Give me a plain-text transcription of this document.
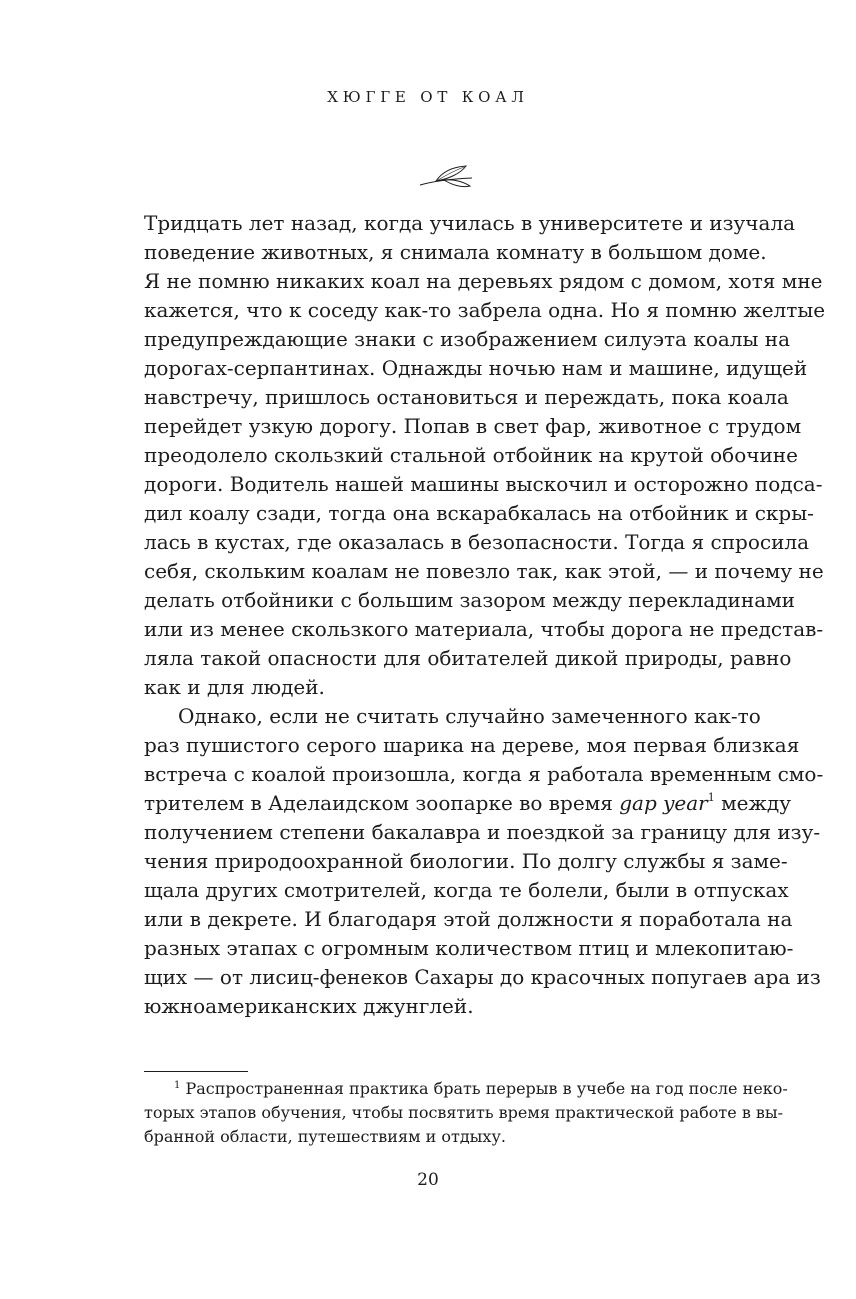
ХЮГГЕ ОТ КОАЛ
Тридцать лет назад, когда училась в университете и изучала
поведение животных, я снимала комнату в большом доме.
Я не помню никаких коал на деревьях рядом с домом, хотя мне
кажется, что к соседу как-то забрела одна. Но я помню желтые
предупреждающие знаки с изображением силуэта коалы на
дорогах-серпантинах. Однажды ночью нам и машине, идущей
навстречу, пришлось остановиться и переждать, пока коала
перейдет узкую дорогу. Попав в свет фар, животное с трудом
преодолело скользкий стальной отбойник на крутой обочине
дороги. Водитель нашей машины выскочил и осторожно подса-
дил коалу сзади, тогда она вскарабкалась на отбойник и скры-
лась в кустах, где оказалась в безопасности. Тогда я спросила
себя, скольким коалам не повезло так, как этой, — и почему не
делать отбойники с большим зазором между перекладинами
или из менее скользкого материала, чтобы дорога не представ-
ляла такой опасности для обитателей дикой природы, равно
как и для людей.
Однако, если не считать случайно замеченного как-то
раз пушистого серого шарика на дереве, моя первая близкая
встреча с коалой произошла, когда я работала временным смо-
трителем в Аделаидском зоопарке во время gap year$^1$ между
получением степени бакалавра и поездкой за границу для изу-
чения природоохранной биологии. По долгу службы я заме-
щала других смотрителей, когда те болели, были в отпусках
или в декрете. И благодаря этой должности я поработала на
разных этапах с огромным количеством птиц и млекопитаю-
щих — от лисиц-фенеков Сахары до красочных попугаев ара из
южноамериканских джунглей.
$^1$ Распространенная практика брать перерыв в учебе на год после неко-
торых этапов обучения, чтобы посвятить время практической работе в вы-
бранной области, путешествиям и отдыху.
20
